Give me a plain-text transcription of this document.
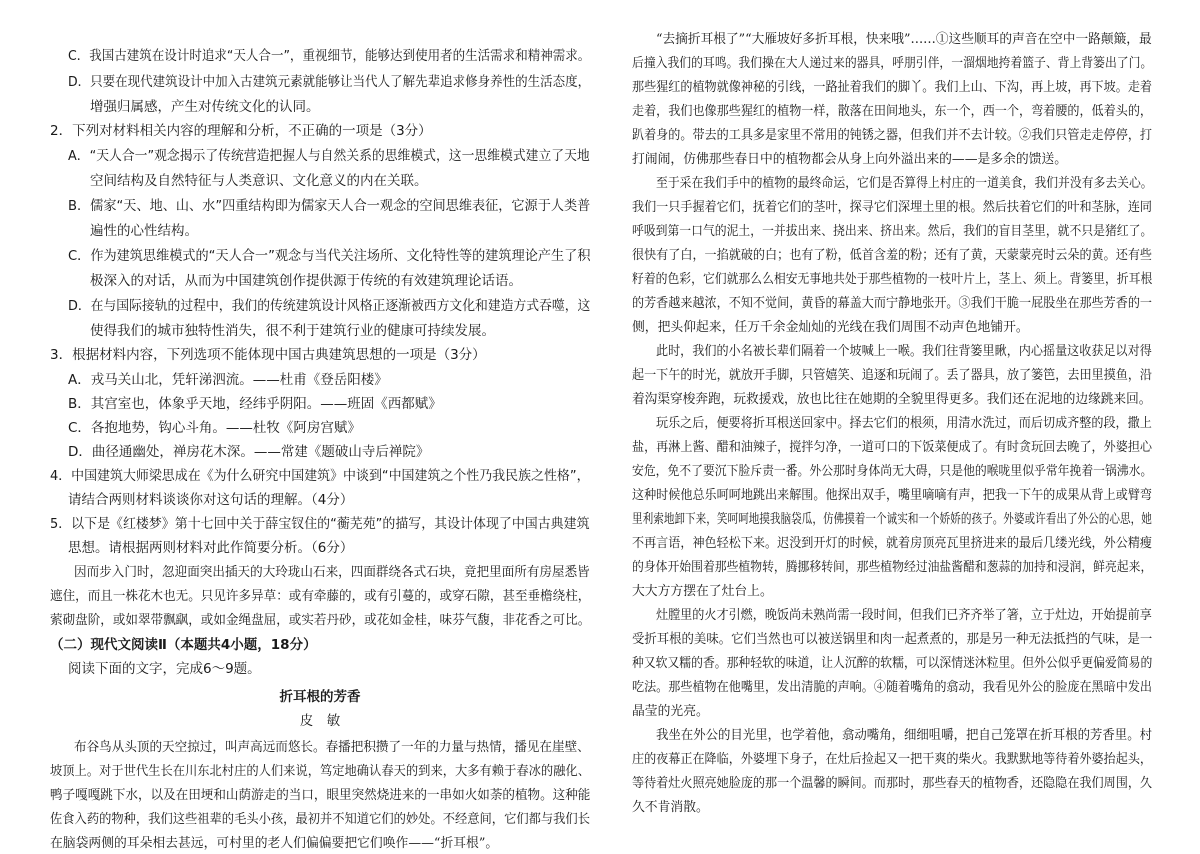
C．我国古建筑在设计时追求“天人合一”，重视细节，能够达到使用者的生活需求和精神需求。
D．只要在现代建筑设计中加入古建筑元素就能够让当代人了解先辈追求修身养性的生活态度，
增强归属感，产生对传统文化的认同。
2．下列对材料相关内容的理解和分析，不正确的一项是（3分）
A．“天人合一”观念揭示了传统营造把握人与自然关系的思维模式，这一思维模式建立了天地
空间结构及自然特征与人类意识、文化意义的内在关联。
B．儒家“天、地、山、水”四重结构即为儒家天人合一观念的空间思维表征，它源于人类普
遍性的心性结构。
C．作为建筑思维模式的“天人合一”观念与当代关注场所、文化特性等的建筑理论产生了积
极深入的对话，从而为中国建筑创作提供源于传统的有效建筑理论话语。
D．在与国际接轨的过程中，我们的传统建筑设计风格正逐渐被西方文化和建造方式吞噬，这
使得我们的城市独特性消失，很不利于建筑行业的健康可持续发展。
3．根据材料内容，下列选项不能体现中国古典建筑思想的一项是（3分）
A．戎马关山北，凭轩涕泗流。——杜甫《登岳阳楼》
B．其宫室也，体象乎天地，经纬乎阴阳。——班固《西都赋》
C．各抱地势，钩心斗角。——杜牧《阿房宫赋》
D．曲径通幽处，禅房花木深。——常建《题破山寺后禅院》
4．中国建筑大师梁思成在《为什么研究中国建筑》中谈到“中国建筑之个性乃我民族之性格”，
请结合两则材料谈谈你对这句话的理解。（4分）
5．以下是《红楼梦》第十七回中关于薛宝钗住的“蘅芜苑”的描写，其设计体现了中国古典建筑
思想。请根据两则材料对此作简要分析。（6分）
因而步入门时，忽迎面突出插天的大玲珑山石来，四面群绕各式石块，竟把里面所有房屋悉皆
遮住，而且一株花木也无。只见许多异草：或有牵藤的，或有引蔓的，或穿石隙，甚至垂檐绕柱，
萦砌盘阶，或如翠带飘飖，或如金绳盘屈，或实若丹砂，或花如金桂，味芬气馥，非花香之可比。
（二）现代文阅读Ⅱ（本题共4小题，18分）
阅读下面的文字，完成6～9题。
布谷鸟从头顶的天空掠过，叫声高远而悠长。春播把积攒了一年的力量与热情，播见在崖壁、
坡顶上。对于世代生长在川东北村庄的人们来说，笃定地确认春天的到来，大多有赖于春冰的融化、
鸭子嘎嘎跳下水，以及在田埂和山荫游走的当口，眼里突然烧进来的一串如火如荼的植物。这种能
佐食入药的物种，我们这些祖辈的毛头小孩，最初并不知道它们的妙处。不经意间，它们都与我们长
在脑袋两侧的耳朵相去甚远，可村里的老人们偏偏要把它们唤作——“折耳根”。
折耳根的芳香
皮　敏
“去摘折耳根了”“大雁坡好多折耳根，快来哦”……①这些顺耳的声音在空中一路颠簸，最
后撞入我们的耳鸣。我们操在大人递过来的器具，呼朋引伴，一溜烟地挎着篮子、背上背篓出了门。
那些猩红的植物就像神秘的引线，一路扯着我们的脚丫。我们上山、下沟，再上坡，再下坡。走着
走着，我们也像那些猩红的植物一样，散落在田间地头，东一个，西一个，弯着腰的，低着头的，
趴着身的。带去的工具多是家里不常用的钝锈之器，但我们并不去计较。②我们只管走走停停，打
打闹闹，仿佛那些春日中的植物都会从身上向外溢出来的——是多余的馈送。
至于采在我们手中的植物的最终命运，它们是否算得上村庄的一道美食，我们并没有多去关心。
我们一只手握着它们，抚着它们的茎叶，探寻它们深埋土里的根。然后扶着它们的叶和茎脉，连同
呼吸到第一口气的泥土，一并拔出来、挠出来、挤出来。然后，我们的盲目茎里，就不只是猪红了。
很快有了白，一掐就破的白；也有了粉，低首含羞的粉；还有了黄，天蒙蒙亮时云朵的黄。还有些
籽着的色彩，它们就那么么相安无事地共处于那些植物的一枝叶片上，茎上、须上。背篓里，折耳根
的芳香越来越浓，不知不觉间，黄昏的幕盖大而宁静地张开。③我们干脆一屁股坐在那些芳香的一
侧，把头仰起来，任万千余金灿灿的光线在我们周围不动声色地铺开。
此时，我们的小名被长辈们隔着一个坡喊上一喉。我们往背篓里瞅，内心摇量这收获足以对得
起一下午的时光，就放开手脚，只管嬉笑、追逐和玩闹了。丢了器具，放了篓笆，去田里摸鱼，沿
着沟渠穿梭奔跑，玩救援戏，放也比往在她期的全貌里得更多。我们还在泥地的边缘跳来回。
玩乐之后，便要将折耳根送回家中。择去它们的根须，用清水洗过，而后切成齐整的段，撒上
盐，再淋上酱、醋和油辣子，搅拌匀净，一道可口的下饭菜便成了。有时贪玩回去晚了，外婆担心
安危，免不了要沉下脸斥责一番。外公那时身体尚无大碍，只是他的喉咙里似乎常年挽着一锅沸水。
这种时候他总乐呵呵地跳出来解围。他探出双手，嘴里嘀嘀有声，把我一下午的成果从背上或臂弯
里利索地卸下来，笑呵呵地摸我脑袋瓜，仿佛摸着一个诚实和一个娇娇的孩子。外婆或许看出了外公的心思，她
不再言语，神色轻松下来。迟没到开灯的时候，就着房顶亮瓦里挤进来的最后几缕光线，外公精瘦
的身体开始围着那些植物转，腾挪移转间，那些植物经过油盐酱醋和葱蒜的加持和浸润，鲜亮起来，
大大方方摆在了灶台上。
灶膛里的火才引燃，晚饭尚未熟尚需一段时间，但我们已齐齐举了箸，立于灶边，开始提前享
受折耳根的美味。它们当然也可以被送锅里和肉一起煮煮的，那是另一种无法抵挡的气味，是一
种又软又糯的香。那种轻软的味道，让人沉醉的软糯，可以深情迷沐粒里。但外公似乎更偏爱简易的
吃法。那些植物在他嘴里，发出清脆的声响。④随着嘴角的翕动，我看见外公的脸庞在黑暗中发出
晶莹的光亮。
我坐在外公的目光里，也学着他，翕动嘴角，细细咀嚼，把自己笼罩在折耳根的芳香里。村
庄的夜幕正在降临，外婆埋下身子，在灶后捡起又一把干爽的柴火。我默默地等待着外婆抬起头，
等待着灶火照亮她脸庞的那一个温馨的瞬间。而那时，那些春天的植物香，还隐隐在我们周围，久
久不肯消散。
